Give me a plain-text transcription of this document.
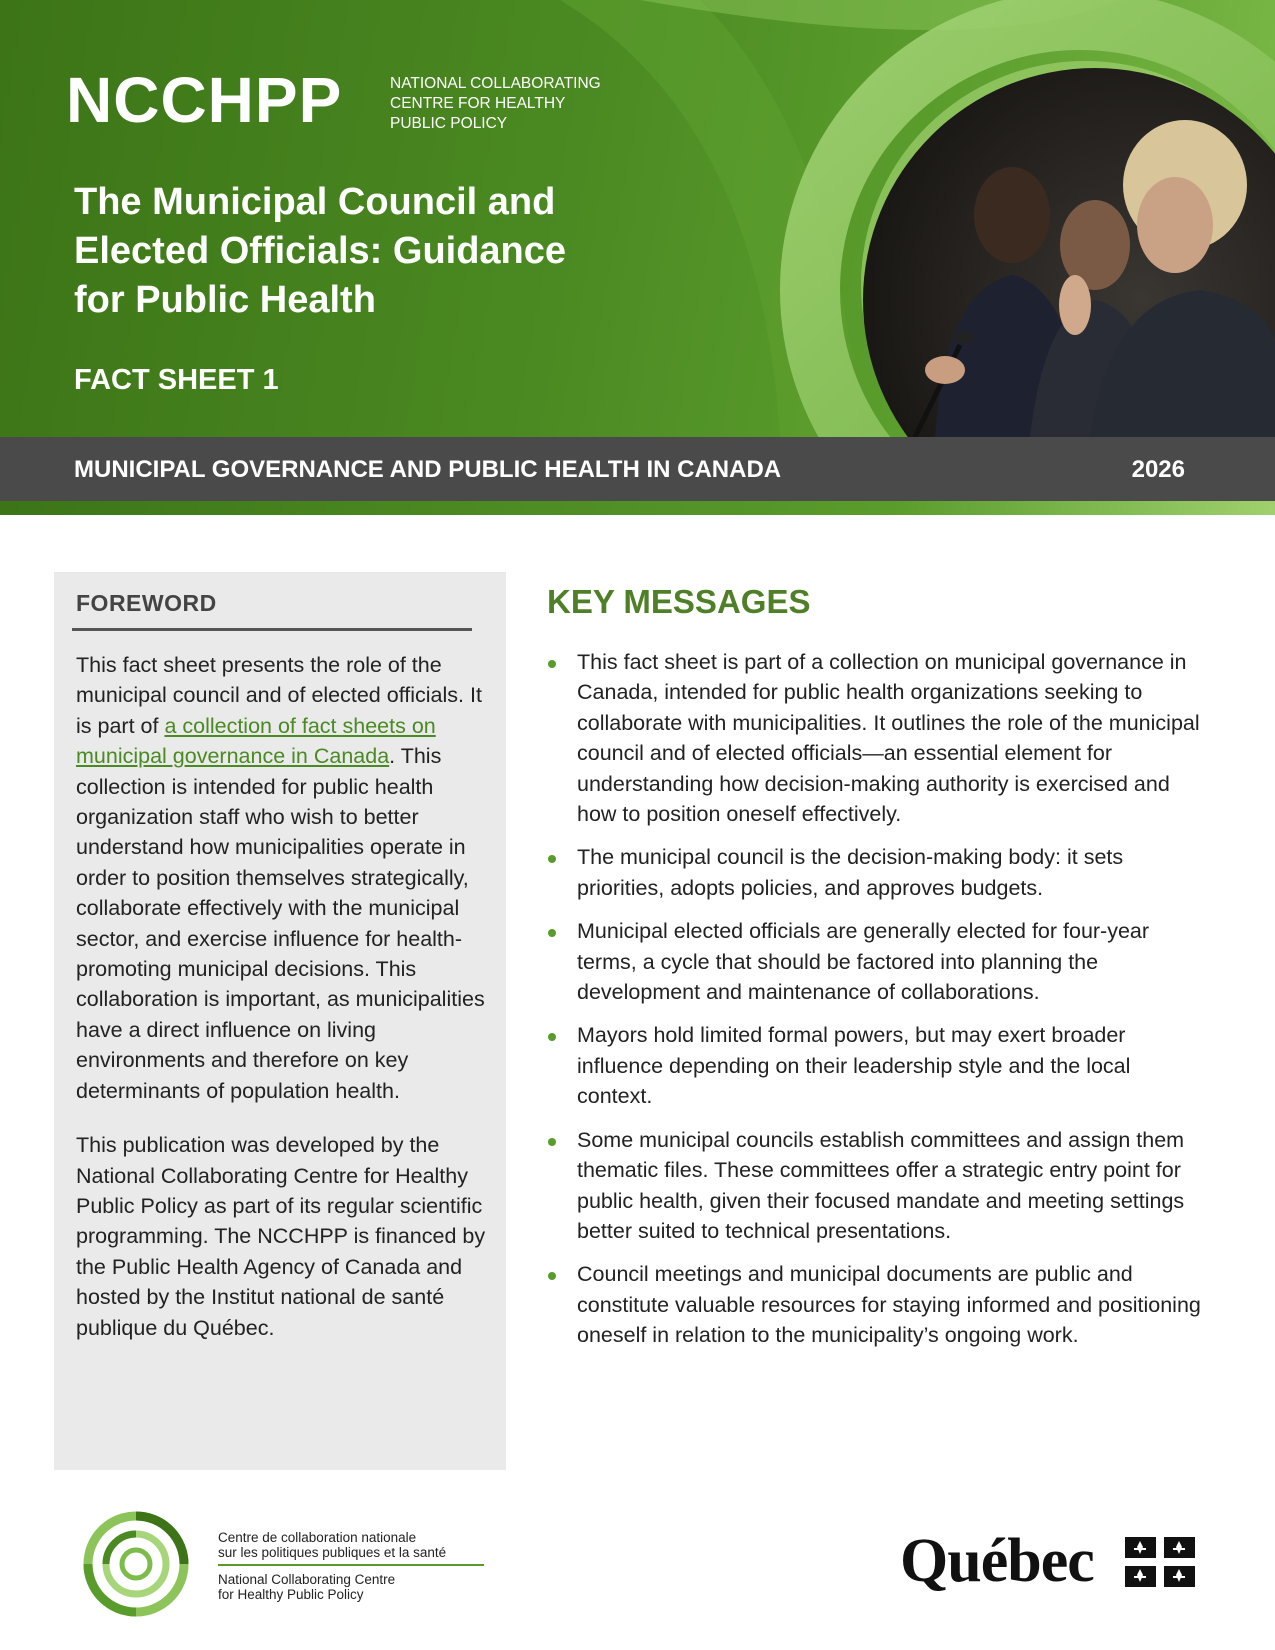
NCCHPP	NATIONAL COLLABORATING
CENTRE FOR HEALTHY
PUBLIC POLICY
The Municipal Council and
Elected Officials: Guidance
for Public Health
FACT SHEET 1
MUNICIPAL GOVERNANCE AND PUBLIC HEALTH IN CANADA	2026
FOREWORD

This fact sheet presents the role of the municipal council and of elected officials. It is part of a collection of fact sheets on municipal governance in Canada. This collection is intended for public health organization staff who wish to better understand how municipalities operate in order to position themselves strategically, collaborate effectively with the municipal sector, and exercise influence for health-promoting municipal decisions. This collaboration is important, as municipalities have a direct influence on living environments and therefore on key determinants of population health.

This publication was developed by the National Collaborating Centre for Healthy Public Policy as part of its regular scientific programming. The NCCHPP is financed by the Public Health Agency of Canada and hosted by the Institut national de santé publique du Québec.

KEY MESSAGES
This fact sheet is part of a collection on municipal governance in Canada, intended for public health organizations seeking to collaborate with municipalities. It outlines the role of the municipal council and of elected officials—an essential element for understanding how decision-making authority is exercised and how to position oneself effectively.
The municipal council is the decision-making body: it sets priorities, adopts policies, and approves budgets.
Municipal elected officials are generally elected for four-year terms, a cycle that should be factored into planning the development and maintenance of collaborations.
Mayors hold limited formal powers, but may exert broader influence depending on their leadership style and the local context.
Some municipal councils establish committees and assign them thematic files. These committees offer a strategic entry point for public health, given their focused mandate and meeting settings better suited to technical presentations.
Council meetings and municipal documents are public and constitute valuable resources for staying informed and positioning oneself in relation to the municipality’s ongoing work.
Centre de collaboration nationale
sur les politiques publiques et la santé
National Collaborating Centre
for Healthy Public Policy	Québec
